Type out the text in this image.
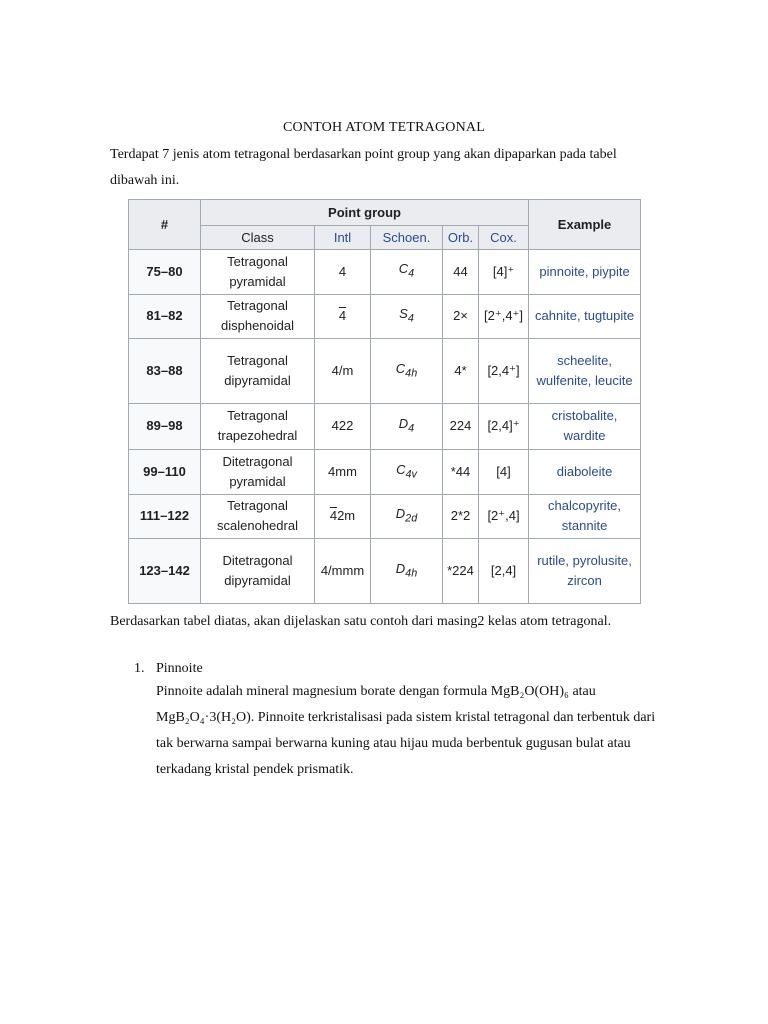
CONTOH ATOM TETRAGONAL
Terdapat 7 jenis atom tetragonal berdasarkan point group yang akan dipaparkan pada tabel dibawah ini.
#	Point group					Example
	Class	Intl	Schoen.	Orb.	Cox.	
75–80	Tetragonal pyramidal	4	$C_4$	44	[4]⁺	pinnoite, piypite
81–82	Tetragonal disphenoidal	4	$S_4$	2×	[2⁺,4⁺]	cahnite, tugtupite
83–88	Tetragonal dipyramidal	4/m	$C_{4h}$	4*	[2,4⁺]	scheelite, wulfenite, leucite
89–98	Tetragonal trapezohedral	422	$D_4$	224	[2,4]⁺	cristobalite, wardite
99–110	Ditetragonal pyramidal	4mm	$C_{4v}$	*44	[4]	diaboleite
111–122	Tetragonal scalenohedral	42m	$D_{2d}$	2*2	[2⁺,4]	chalcopyrite, stannite
123–142	Ditetragonal dipyramidal	4/mmm	$D_{4h}$	*224	[2,4]	rutile, pyrolusite, zircon
Berdasarkan tabel diatas, akan dijelaskan satu contoh dari masing2 kelas atom tetragonal.
1. Pinnoite
Pinnoite adalah mineral magnesium borate dengan formula MgB₂O(OH)₆ atau MgB₂O₄·3(H₂O). Pinnoite terkristalisasi pada sistem kristal tetragonal dan terbentuk dari tak berwarna sampai berwarna kuning atau hijau muda berbentuk gugusan bulat atau terkadang kristal pendek prismatik.
